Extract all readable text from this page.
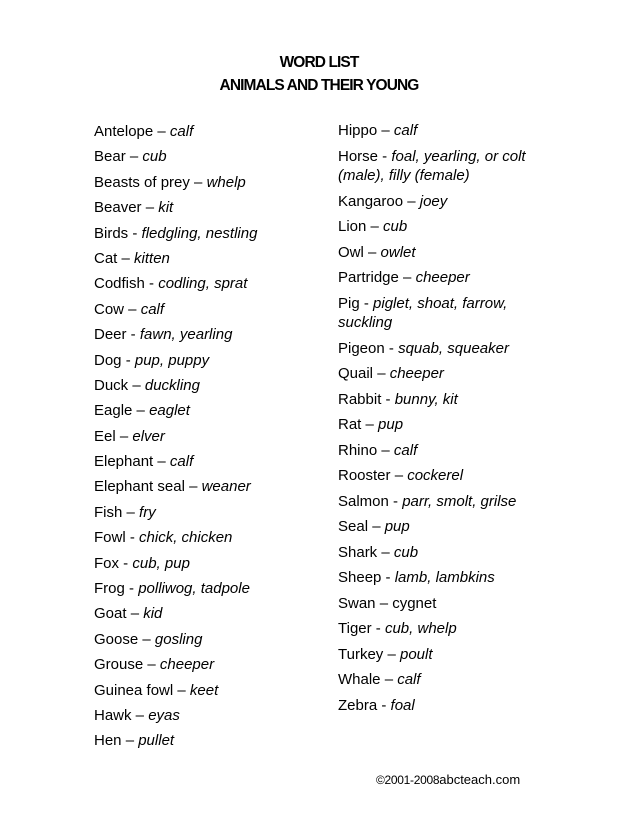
WORD LIST
ANIMALS AND THEIR YOUNG
Antelope – calf
Bear – cub
Beasts of prey – whelp
Beaver – kit
Birds - fledgling, nestling
Cat – kitten
Codfish - codling, sprat
Cow – calf
Deer - fawn, yearling
Dog - pup, puppy
Duck – duckling
Eagle – eaglet
Eel – elver
Elephant – calf
Elephant seal – weaner
Fish – fry
Fowl - chick, chicken
Fox - cub, pup
Frog - polliwog, tadpole
Goat – kid
Goose – gosling
Grouse – cheeper
Guinea fowl – keet
Hawk – eyas
Hen – pullet
Hippo – calf
Horse - foal, yearling, or colt (male), filly (female)
Kangaroo – joey
Lion – cub
Owl – owlet
Partridge – cheeper
Pig - piglet, shoat, farrow, suckling
Pigeon - squab, squeaker
Quail – cheeper
Rabbit - bunny, kit
Rat – pup
Rhino – calf
Rooster – cockerel
Salmon - parr, smolt, grilse
Seal – pup
Shark – cub
Sheep - lamb, lambkins
Swan – cygnet
Tiger - cub, whelp
Turkey – poult
Whale – calf
Zebra - foal
©2001-2008abcteach.com
